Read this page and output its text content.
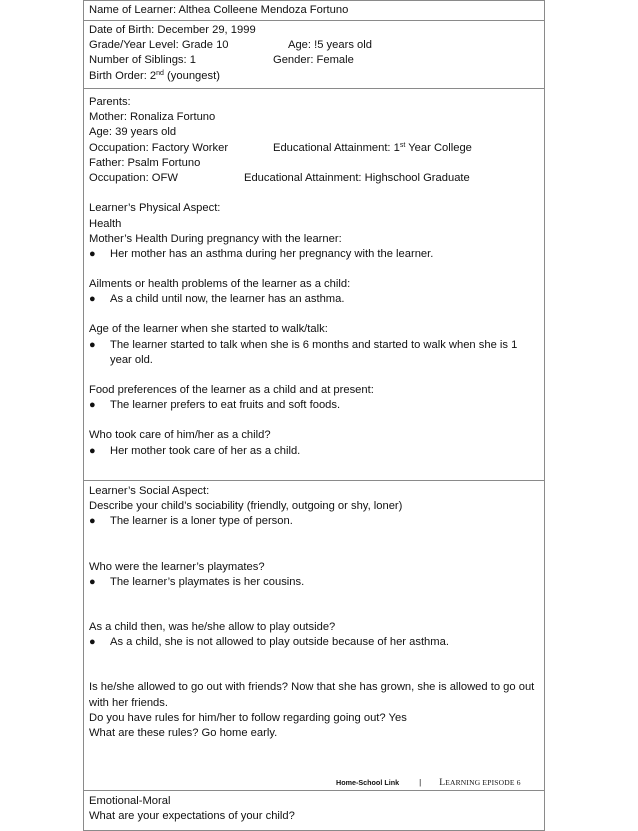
Name of Learner: Althea Colleene Mendoza Fortuno
Date of Birth: December 29, 1999
Grade/Year Level: Grade 10	Age: !5 years old
Number of Siblings: 1	Gender: Female
Birth Order: 2nd (youngest)
Parents:
Mother: Ronaliza Fortuno
Age: 39 years old
Occupation: Factory Worker	Educational Attainment: 1st Year College
Father: Psalm Fortuno
Occupation: OFW	Educational Attainment: Highschool Graduate
Learner’s Physical Aspect:
Health
Mother’s Health During pregnancy with the learner:
●	Her mother has an asthma during her pregnancy with the learner.
Ailments or health problems of the learner as a child:
●	As a child until now, the learner has an asthma.
Age of the learner when she started to walk/talk:
●	The learner started to talk when she is 6 months and started to walk when she is 1 year old.
Food preferences of the learner as a child and at present:
●	The learner prefers to eat fruits and soft foods.
Who took care of him/her as a child?
●	Her mother took care of her as a child.
Learner’s Social Aspect:
Describe your child’s sociability (friendly, outgoing or shy, loner)
●	The learner is a loner type of person.
Who were the learner’s playmates?
●	The learner’s playmates is her cousins.
As a child then, was he/she allow to play outside?
●	As a child, she is not allowed to play outside because of her asthma.
Is he/she allowed to go out with friends? Now that she has grown, she is allowed to go out with her friends.
Do you have rules for him/her to follow regarding going out? Yes
What are these rules? Go home early.
Home-School Link	| LEARNING EPISODE 6
Emotional-Moral
What are your expectations of your child?
